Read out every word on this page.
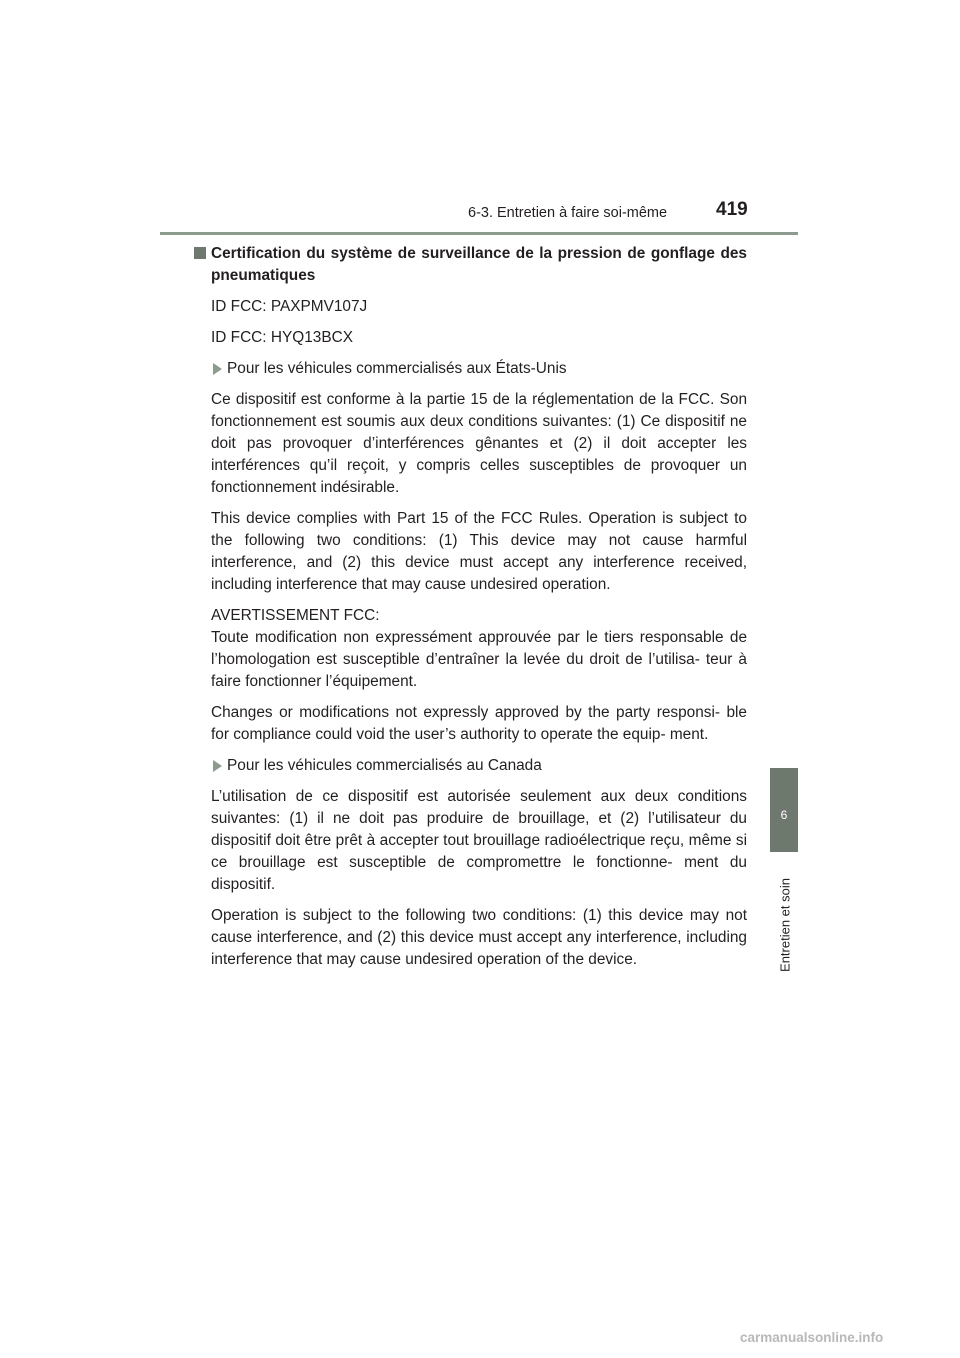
6-3. Entretien à faire soi-même	419
6
Entretien et soin
Certification du système de surveillance de la pression de gonflage des pneumatiques

ID FCC: PAXPMV107J

ID FCC: HYQ13BCX

Pour les véhicules commercialisés aux États-Unis

Ce dispositif est conforme à la partie 15 de la réglementation de la FCC. Son fonctionnement est soumis aux deux conditions suivantes: (1) Ce dispositif ne doit pas provoquer d’interférences gênantes et (2) il doit accepter les interférences qu’il reçoit, y compris celles susceptibles de provoquer un fonctionnement indésirable.

This device complies with Part 15 of the FCC Rules. Operation is subject to the following two conditions: (1) This device may not cause harmful interference, and (2) this device must accept any interference received, including interference that may cause undesired operation.

AVERTISSEMENT FCC:
Toute modification non expressément approuvée par le tiers responsable de l’homologation est susceptible d’entraîner la levée du droit de l’utilisa- teur à faire fonctionner l’équipement.

Changes or modifications not expressly approved by the party responsi- ble for compliance could void the user’s authority to operate the equip- ment.

Pour les véhicules commercialisés au Canada

L’utilisation de ce dispositif est autorisée seulement aux deux conditions suivantes: (1) il ne doit pas produire de brouillage, et (2) l’utilisateur du dispositif doit être prêt à accepter tout brouillage radioélectrique reçu, même si ce brouillage est susceptible de compromettre le fonctionne- ment du dispositif.

Operation is subject to the following two conditions: (1) this device may not cause interference, and (2) this device must accept any interference, including interference that may cause undesired operation of the device.

carmanualsonline.info
